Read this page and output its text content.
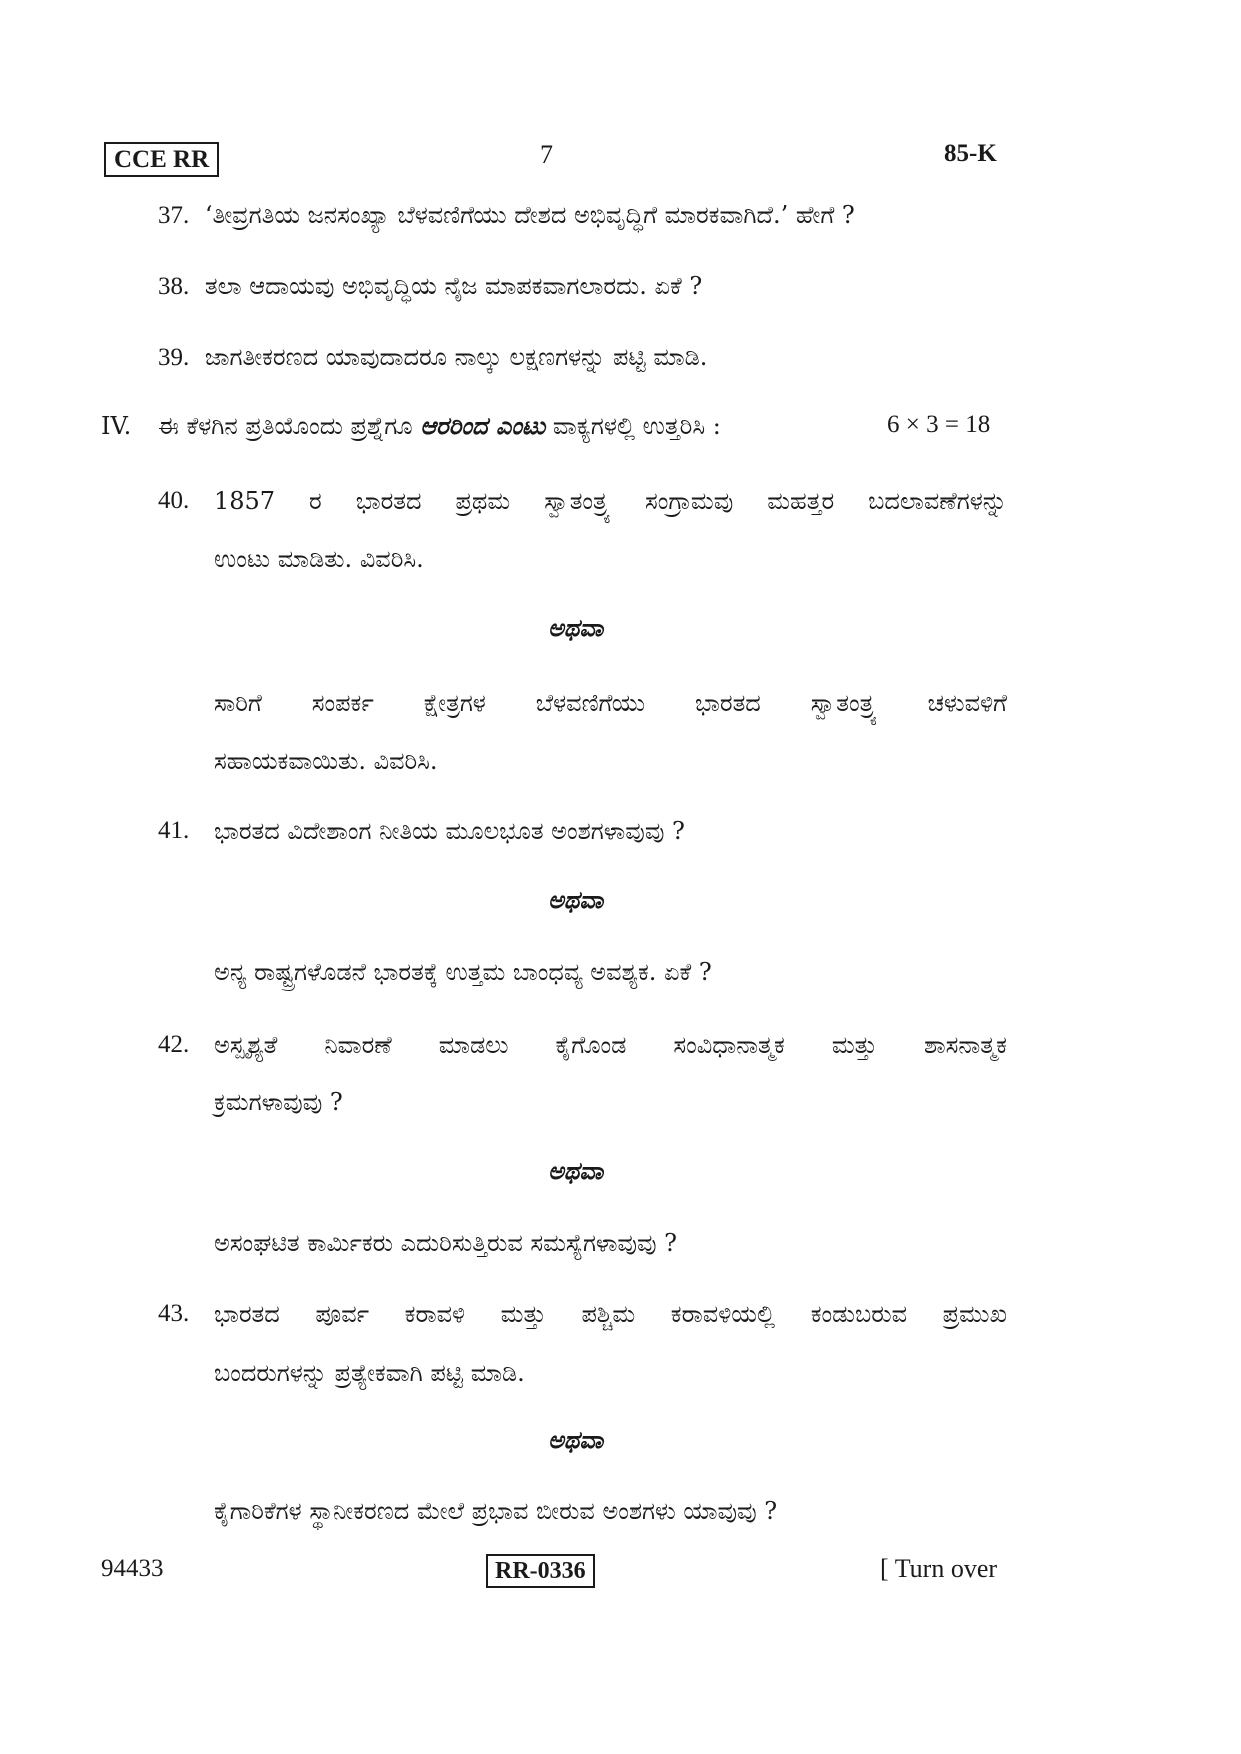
CCE RR	7	85-K
37. ‘ತೀವ್ರಗತಿಯ ಜನಸಂಖ್ಯಾ ಬೆಳವಣಿಗೆಯು ದೇಶದ ಅಭಿವೃದ್ಧಿಗೆ ಮಾರಕವಾಗಿದೆ.’ ಹೇಗೆ ?
38. ತಲಾ ಆದಾಯವು ಅಭಿವೃದ್ಧಿಯ ನೈಜ ಮಾಪಕವಾಗಲಾರದು. ಏಕೆ ?
39. ಜಾಗತೀಕರಣದ ಯಾವುದಾದರೂ ನಾಲ್ಕು ಲಕ್ಷಣಗಳನ್ನು ಪಟ್ಟಿ ಮಾಡಿ.
IV. ಈ ಕೆಳಗಿನ ಪ್ರತಿಯೊಂದು ಪ್ರಶ್ನೆಗೂ ಆರರಿಂದ ಎಂಟು ವಾಕ್ಯಗಳಲ್ಲಿ ಉತ್ತರಿಸಿ :	6 × 3 = 18
40. 1857 ರ ಭಾರತದ ಪ್ರಥಮ ಸ್ವಾತಂತ್ರ್ಯ ಸಂಗ್ರಾಮವು ಮಹತ್ತರ ಬದಲಾವಣೆಗಳನ್ನು
ಉಂಟು ಮಾಡಿತು. ವಿವರಿಸಿ.
ಅಥವಾ
ಸಾರಿಗೆ ಸಂಪರ್ಕ ಕ್ಷೇತ್ರಗಳ ಬೆಳವಣಿಗೆಯು ಭಾರತದ ಸ್ವಾತಂತ್ರ್ಯ ಚಳುವಳಿಗೆ
ಸಹಾಯಕವಾಯಿತು. ವಿವರಿಸಿ.
41. ಭಾರತದ ವಿದೇಶಾಂಗ ನೀತಿಯ ಮೂಲಭೂತ ಅಂಶಗಳಾವುವು ?
ಅಥವಾ
ಅನ್ಯ ರಾಷ್ಟ್ರಗಳೊಡನೆ ಭಾರತಕ್ಕೆ ಉತ್ತಮ ಬಾಂಧವ್ಯ ಅವಶ್ಯಕ. ಏಕೆ ?
42. ಅಸ್ಪೃಶ್ಯತೆ ನಿವಾರಣೆ ಮಾಡಲು ಕೈಗೊಂಡ ಸಂವಿಧಾನಾತ್ಮಕ ಮತ್ತು ಶಾಸನಾತ್ಮಕ
ಕ್ರಮಗಳಾವುವು ?
ಅಥವಾ
ಅಸಂಘಟಿತ ಕಾರ್ಮಿಕರು ಎದುರಿಸುತ್ತಿರುವ ಸಮಸ್ಯೆಗಳಾವುವು ?
43. ಭಾರತದ ಪೂರ್ವ ಕರಾವಳಿ ಮತ್ತು ಪಶ್ಚಿಮ ಕರಾವಳಿಯಲ್ಲಿ ಕಂಡುಬರುವ ಪ್ರಮುಖ
ಬಂದರುಗಳನ್ನು ಪ್ರತ್ಯೇಕವಾಗಿ ಪಟ್ಟಿ ಮಾಡಿ.
ಅಥವಾ
ಕೈಗಾರಿಕೆಗಳ ಸ್ಥಾನೀಕರಣದ ಮೇಲೆ ಪ್ರಭಾವ ಬೀರುವ ಅಂಶಗಳು ಯಾವುವು ?
94433	RR-0336	[ Turn over
